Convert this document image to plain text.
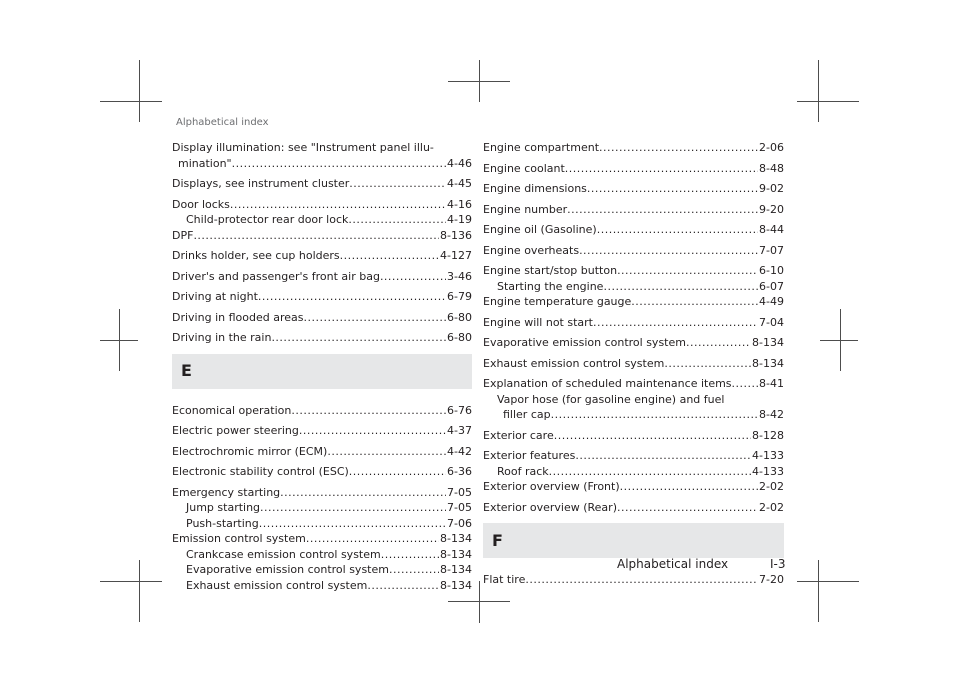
Alphabetical index
Display illumination: see "Instrument panel illu-
mination" .....	4-46
Displays, see instrument cluster .....	4-45
Door locks .....	4-16
Child-protector rear door lock .....	4-19
DPF .....	8-136
Drinks holder, see cup holders .....	4-127
Driver's and passenger's front air bag .....	3-46
Driving at night .....	6-79
Driving in flooded areas .....	6-80
Driving in the rain .....	6-80
E
Economical operation .....	6-76
Electric power steering .....	4-37
Electrochromic mirror (ECM) .....	4-42
Electronic stability control (ESC) .....	6-36
Emergency starting .....	7-05
Jump starting .....	7-05
Push-starting .....	7-06
Emission control system .....	8-134
Crankcase emission control system .....	8-134
Evaporative emission control system .....	8-134
Exhaust emission control system .....	8-134
Engine compartment .....	2-06
Engine coolant .....	8-48
Engine dimensions .....	9-02
Engine number .....	9-20
Engine oil (Gasoline) .....	8-44
Engine overheats .....	7-07
Engine start/stop button .....	6-10
Starting the engine .....	6-07
Engine temperature gauge .....	4-49
Engine will not start .....	7-04
Evaporative emission control system .....	8-134
Exhaust emission control system .....	8-134
Explanation of scheduled maintenance items ..... 8-41
Vapor hose (for gasoline engine) and fuel
filler cap .....	8-42
Exterior care .....	8-128
Exterior features .....	4-133
Roof rack .....	4-133
Exterior overview (Front) .....	2-02
Exterior overview (Rear) .....	2-02
F
Flat tire .....	7-20
Alphabetical index	I-3
